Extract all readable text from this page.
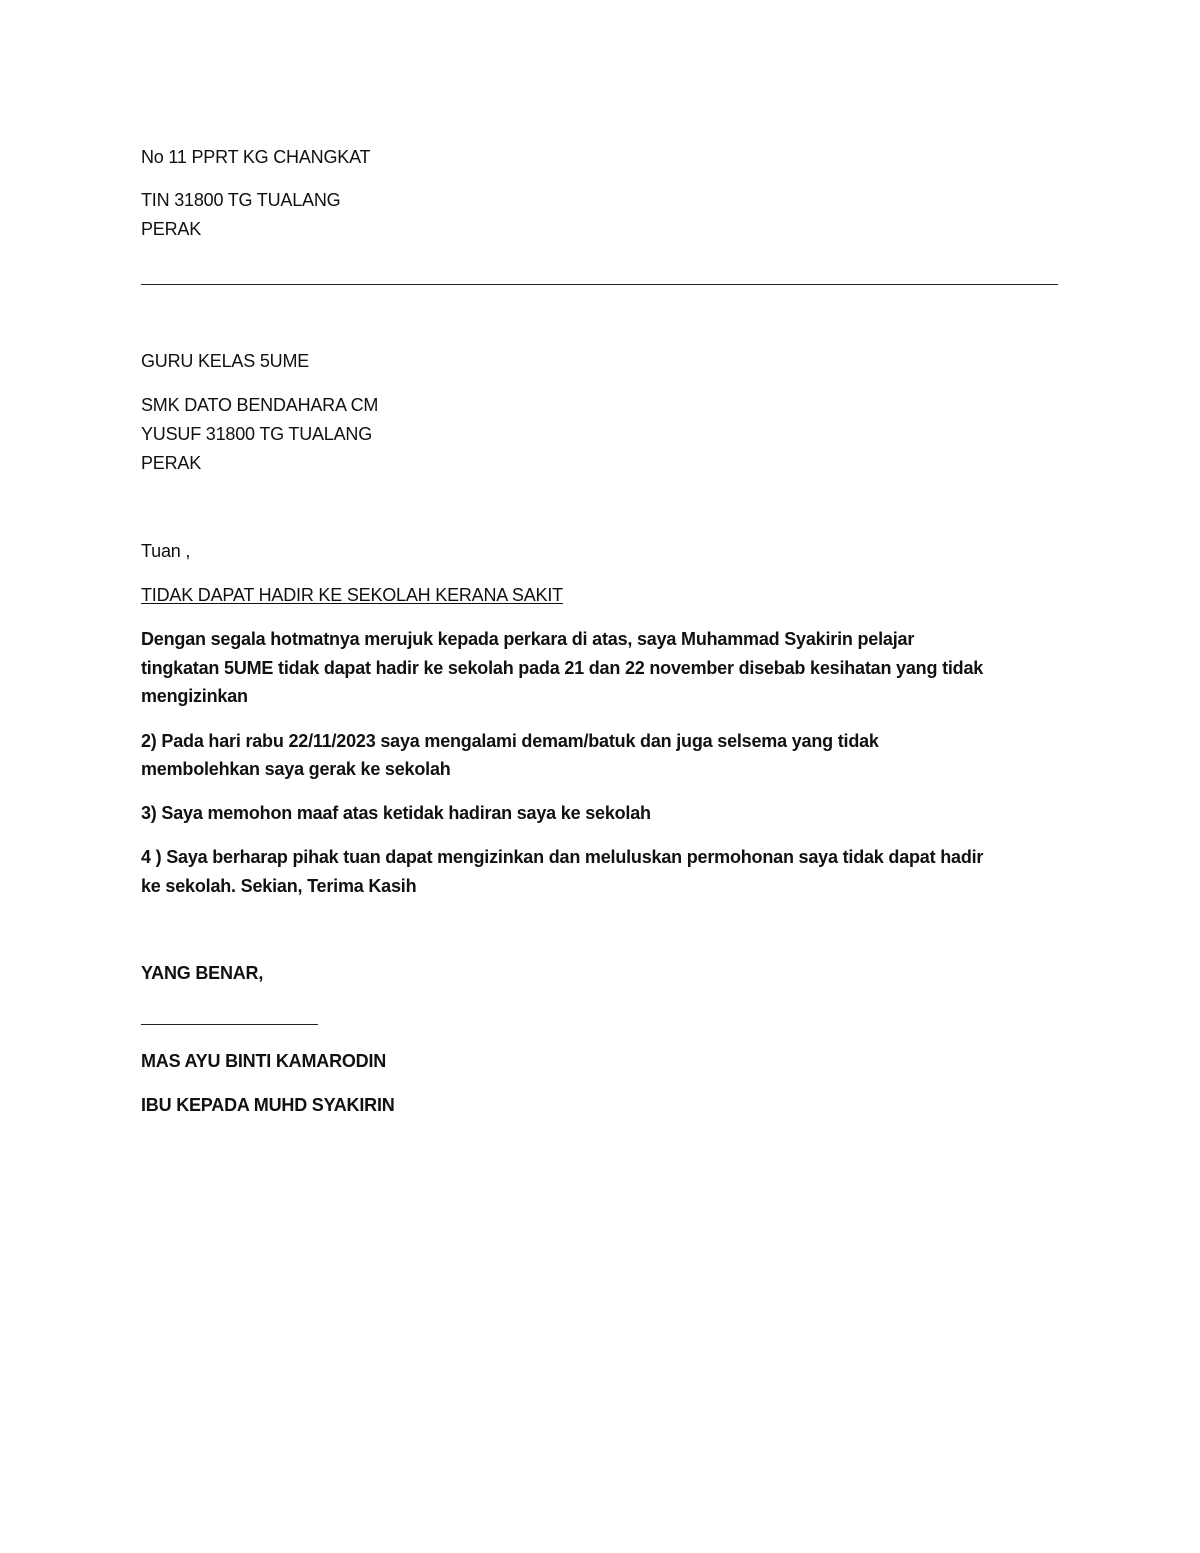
No 11 PPRT KG CHANGKAT
TIN 31800 TG TUALANG
PERAK
GURU KELAS 5UME
SMK DATO BENDAHARA CM
YUSUF 31800 TG TUALANG
PERAK
Tuan ,
TIDAK DAPAT HADIR KE SEKOLAH KERANA SAKIT
Dengan segala hotmatnya merujuk kepada perkara di atas, saya Muhammad Syakirin pelajar
tingkatan 5UME tidak dapat hadir ke sekolah pada 21 dan 22 november disebab kesihatan yang tidak
mengizinkan
2) Pada hari rabu 22/11/2023 saya mengalami demam/batuk dan juga selsema yang tidak
membolehkan saya gerak ke sekolah
3) Saya memohon maaf atas ketidak hadiran saya ke sekolah
4 ) Saya berharap pihak tuan dapat mengizinkan dan meluluskan permohonan saya tidak dapat hadir
ke sekolah. Sekian, Terima Kasih
YANG BENAR,
MAS AYU BINTI KAMARODIN
IBU KEPADA MUHD SYAKIRIN
